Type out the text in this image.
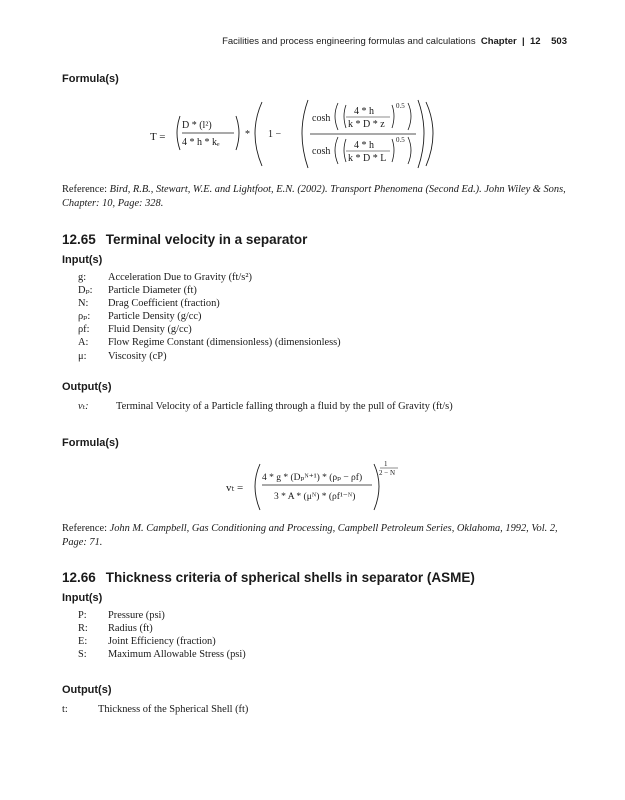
Facilities and process engineering formulas and calculations Chapter | 12 503
Formula(s)
T =
D * (l²)
4 * h * kₑ
* 1 −
cosh
4 * h
k * D * z
0.5
cosh
4 * h
k * D * L
0.5
Reference: Bird, R.B., Stewart, W.E. and Lightfoot, E.N. (2002). Transport Phenomena (Second Ed.). John Wiley & Sons, Chapter: 10, Page: 328.
12.65 Terminal velocity in a separator
Input(s)
g: Acceleration Due to Gravity (ft/s²)
Dₚ: Particle Diameter (ft)
N: Drag Coefficient (fraction)
ρₚ: Particle Density (g/cc)
ρf: Fluid Density (g/cc)
A: Flow Regime Constant (dimensionless) (dimensionless)
μ: Viscosity (cP)
Output(s)
vₜ:	Terminal Velocity of a Particle falling through a fluid by the pull of Gravity (ft/s)
Formula(s)
vₜ =
4 * g * (Dₚᴺ⁺¹) * (ρₚ − ρf)
3 * A * (μᴺ) * (ρf¹⁻ᴺ)
1
2 − N
Reference: John M. Campbell, Gas Conditioning and Processing, Campbell Petroleum Series, Oklahoma, 1992, Vol. 2, Page: 71.
12.66 Thickness criteria of spherical shells in separator (ASME)
Input(s)
P: Pressure (psi)
R: Radius (ft)
E: Joint Efficiency (fraction)
S: Maximum Allowable Stress (psi)
Output(s)
t:	Thickness of the Spherical Shell (ft)
